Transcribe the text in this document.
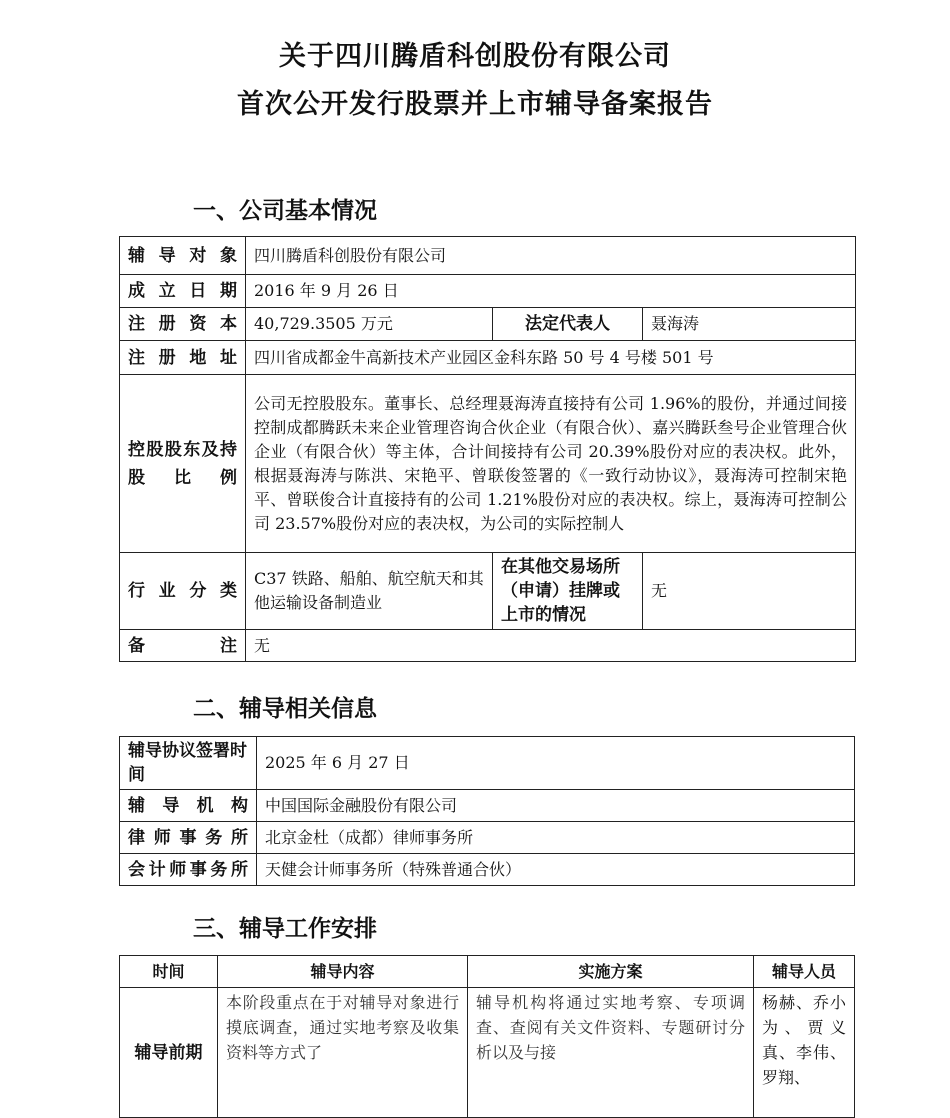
关于四川腾盾科创股份有限公司
首次公开发行股票并上市辅导备案报告
一、公司基本情况
辅导对象	四川腾盾科创股份有限公司		
成立日期	2016 年 9 月 26 日		
注册资本	40,729.3505 万元	法定代表人	聂海涛
注册地址	四川省成都金牛高新技术产业园区金科东路 50 号 4 号楼 501 号		
控股股东及持股比例	公司无控股股东。董事长、总经理聂海涛直接持有公司 1.96%的股份，并通过间接控制成都腾跃未来企业管理咨询合伙企业（有限合伙）、嘉兴腾跃叁号企业管理合伙企业（有限合伙）等主体，合计间接持有公司 20.39%股份对应的表决权。此外，根据聂海涛与陈洪、宋艳平、曾联俊签署的《一致行动协议》，聂海涛可控制宋艳平、曾联俊合计直接持有的公司 1.21%股份对应的表决权。综上，聂海涛可控制公司 23.57%股份对应的表决权，为公司的实际控制人		
行业分类	C37 铁路、船舶、航空航天和其他运输设备制造业	在其他交易场所（申请）挂牌或上市的情况	无
备注	无		
二、辅导相关信息
辅导协议签署时间	2025 年 6 月 27 日
辅导机构	中国国际金融股份有限公司
律师事务所	北京金杜（成都）律师事务所
会计师事务所	天健会计师事务所（特殊普通合伙）
三、辅导工作安排
时间	辅导内容	实施方案	辅导人员
辅导前期	本阶段重点在于对辅导对象进行摸底调查，通过实地考察及收集资料等方式了	辅导机构将通过实地考察、专项调查、查阅有关文件资料、专题研讨分析以及与接	杨赫、乔小为、贾义真、李伟、罗翔、
